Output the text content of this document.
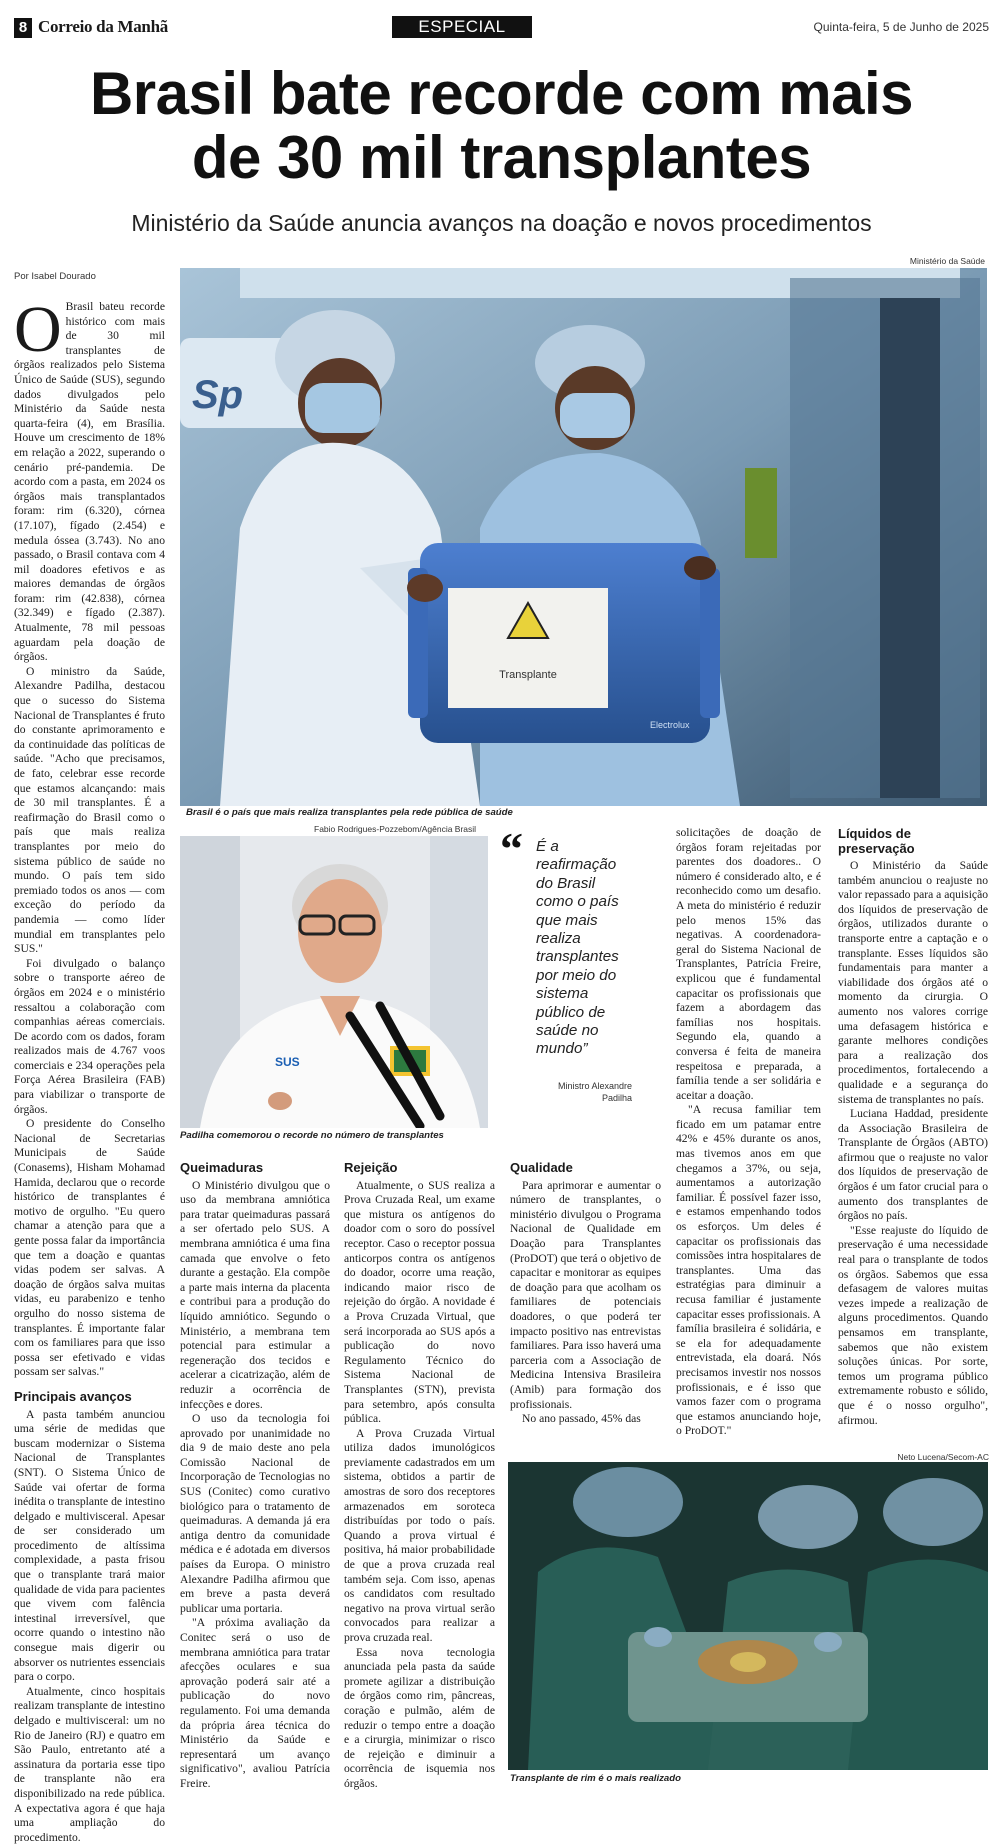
8 Correio da Manhã	ESPECIAL	Quinta-feira, 5 de Junho de 2025
Brasil bate recorde com mais
de 30 mil transplantes
Ministério da Saúde anuncia avanços na doação e novos procedimentos
Por Isabel Dourado
Ministério da Saúde
Sp
Transplante
Electrolux
Brasil é o país que mais realiza transplantes pela rede pública de saúde
Fabio Rodrigues-Pozzebom/Agência Brasil
SUS
Padilha comemorou o recorde no número de transplantes
“ É a reafirmação do Brasil como o país que mais realiza transplantes por meio do sistema público de saúde no mundo”
Ministro Alexandre
Padilha
Neto Lucena/Secom-AC
Transplante de rim é o mais realizado
O Brasil bateu recorde histórico com mais de 30 mil transplantes de órgãos realizados pelo Sistema Único de Saúde (SUS), segundo dados divulgados pelo Ministério da Saúde nesta quarta-feira (4), em Brasília. Houve um crescimento de 18% em relação a 2022, superando o cenário pré-pandemia. De acordo com a pasta, em 2024 os órgãos mais transplantados foram: rim (6.320), córnea (17.107), fígado (2.454) e medula óssea (3.743). No ano passado, o Brasil contava com 4 mil doadores efetivos e as maiores demandas de órgãos foram: rim (42.838), córnea (32.349) e fígado (2.387). Atualmente, 78 mil pessoas aguardam pela doação de órgãos.

O ministro da Saúde, Alexandre Padilha, destacou que o sucesso do Sistema Nacional de Transplantes é fruto do constante aprimoramento e da continuidade das políticas de saúde. "Acho que precisamos, de fato, celebrar esse recorde que estamos alcançando: mais de 30 mil transplantes. É a reafirmação do Brasil como o país que mais realiza transplantes por meio do sistema público de saúde no mundo. O país tem sido premiado todos os anos — com exceção do período da pandemia — como líder mundial em transplantes pelo SUS."

Foi divulgado o balanço sobre o transporte aéreo de órgãos em 2024 e o ministério ressaltou a colaboração com companhias aéreas comerciais. De acordo com os dados, foram realizados mais de 4.767 voos comerciais e 234 operações pela Força Aérea Brasileira (FAB) para viabilizar o transporte de órgãos.

O presidente do Conselho Nacional de Secretarias Municipais de Saúde (Conasems), Hisham Mohamad Hamida, declarou que o recorde histórico de transplantes é motivo de orgulho. "Eu quero chamar a atenção para que a gente possa falar da importância que tem a doação e quantas vidas podem ser salvas. A doação de órgãos salva muitas vidas, eu parabenizo e tenho orgulho do nosso sistema de transplantes. É importante falar com os familiares para que isso possa ser efetivado e vidas possam ser salvas."

Principais avanços

A pasta também anunciou uma série de medidas que buscam modernizar o Sistema Nacional de Transplantes (SNT). O Sistema Único de Saúde vai ofertar de forma inédita o transplante de intestino delgado e multivisceral. Apesar de ser considerado um procedimento de altíssima complexidade, a pasta frisou que o transplante trará maior qualidade de vida para pacientes que vivem com falência intestinal irreversível, que ocorre quando o intestino não consegue mais digerir ou absorver os nutrientes essenciais para o corpo.

Atualmente, cinco hospitais realizam transplante de intestino delgado e multivisceral: um no Rio de Janeiro (RJ) e quatro em São Paulo, entretanto até a assinatura da portaria esse tipo de transplante não era disponibilizado na rede pública. A expectativa agora é que haja uma ampliação do procedimento.

Queimaduras

O Ministério divulgou que o uso da membrana amniótica para tratar queimaduras passará a ser ofertado pelo SUS. A membrana amniótica é uma fina camada que envolve o feto durante a gestação. Ela compõe a parte mais interna da placenta e contribui para a produção do líquido amniótico. Segundo o Ministério, a membrana tem potencial para estimular a regeneração dos tecidos e acelerar a cicatrização, além de reduzir a ocorrência de infecções e dores.

O uso da tecnologia foi aprovado por unanimidade no dia 9 de maio deste ano pela Comissão Nacional de Incorporação de Tecnologias no SUS (Conitec) como curativo biológico para o tratamento de queimaduras. A demanda já era antiga dentro da comunidade médica e é adotada em diversos países da Europa. O ministro Alexandre Padilha afirmou que em breve a pasta deverá publicar uma portaria.

"A próxima avaliação da Conitec será o uso de membrana amniótica para tratar afecções oculares e sua aprovação poderá sair até a publicação do novo regulamento. Foi uma demanda da própria área técnica do Ministério da Saúde e representará um avanço significativo", avaliou Patrícia Freire.

Rejeição

Atualmente, o SUS realiza a Prova Cruzada Real, um exame que mistura os antígenos do doador com o soro do possível receptor. Caso o receptor possua anticorpos contra os antígenos do doador, ocorre uma reação, indicando maior risco de rejeição do órgão. A novidade é a Prova Cruzada Virtual, que será incorporada ao SUS após a publicação do novo Regulamento Técnico do Sistema Nacional de Transplantes (STN), prevista para setembro, após consulta pública.

A Prova Cruzada Virtual utiliza dados imunológicos previamente cadastrados em um sistema, obtidos a partir de amostras de soro dos receptores armazenados em soroteca distribuídas por todo o país. Quando a prova virtual é positiva, há maior probabilidade de que a prova cruzada real também seja. Com isso, apenas os candidatos com resultado negativo na prova virtual serão convocados para realizar a prova cruzada real.

Essa nova tecnologia anunciada pela pasta da saúde promete agilizar a distribuição de órgãos como rim, pâncreas, coração e pulmão, além de reduzir o tempo entre a doação e a cirurgia, minimizar o risco de rejeição e diminuir a ocorrência de isquemia nos órgãos.

Qualidade

Para aprimorar e aumentar o número de transplantes, o ministério divulgou o Programa Nacional de Qualidade em Doação para Transplantes (ProDOT) que terá o objetivo de capacitar e monitorar as equipes de doação para que acolham os familiares de potenciais doadores, o que poderá ter impacto positivo nas entrevistas familiares. Para isso haverá uma parceria com a Associação de Medicina Intensiva Brasileira (Amib) para formação dos profissionais.

No ano passado, 45% das

solicitações de doação de órgãos foram rejeitadas por parentes dos doadores.. O número é considerado alto, e é reconhecido como um desafio. A meta do ministério é reduzir pelo menos 15% das negativas. A coordenadora-geral do Sistema Nacional de Transplantes, Patrícia Freire, explicou que é fundamental capacitar os profissionais que fazem a abordagem das famílias nos hospitais. Segundo ela, quando a conversa é feita de maneira respeitosa e preparada, a família tende a ser solidária e aceitar a doação.

"A recusa familiar tem ficado em um patamar entre 42% e 45% durante os anos, mas tivemos anos em que chegamos a 37%, ou seja, aumentamos a autorização familiar. É possível fazer isso, e estamos empenhando todos os esforços. Um deles é capacitar os profissionais das comissões intra hospitalares de transplantes. Uma das estratégias para diminuir a recusa familiar é justamente capacitar esses profissionais. A família brasileira é solidária, e se ela for adequadamente entrevistada, ela doará. Nós precisamos investir nos nossos profissionais, e é isso que vamos fazer com o programa que estamos anunciando hoje, o ProDOT."

Líquidos de
preservação

O Ministério da Saúde também anunciou o reajuste no valor repassado para a aquisição dos líquidos de preservação de órgãos, utilizados durante o transporte entre a captação e o transplante. Esses líquidos são fundamentais para manter a viabilidade dos órgãos até o momento da cirurgia. O aumento nos valores corrige uma defasagem histórica e garante melhores condições para a realização dos procedimentos, fortalecendo a qualidade e a segurança do sistema de transplantes no país.

Luciana Haddad, presidente da Associação Brasileira de Transplante de Órgãos (ABTO) afirmou que o reajuste no valor dos líquidos de preservação de órgãos é um fator crucial para o aumento dos transplantes de órgãos no país.

"Esse reajuste do líquido de preservação é uma necessidade real para o transplante de todos os órgãos. Sabemos que essa defasagem de valores muitas vezes impede a realização de alguns procedimentos. Quando pensamos em transplante, sabemos que não existem soluções únicas. Por sorte, temos um programa público extremamente robusto e sólido, que é o nosso orgulho", afirmou.
